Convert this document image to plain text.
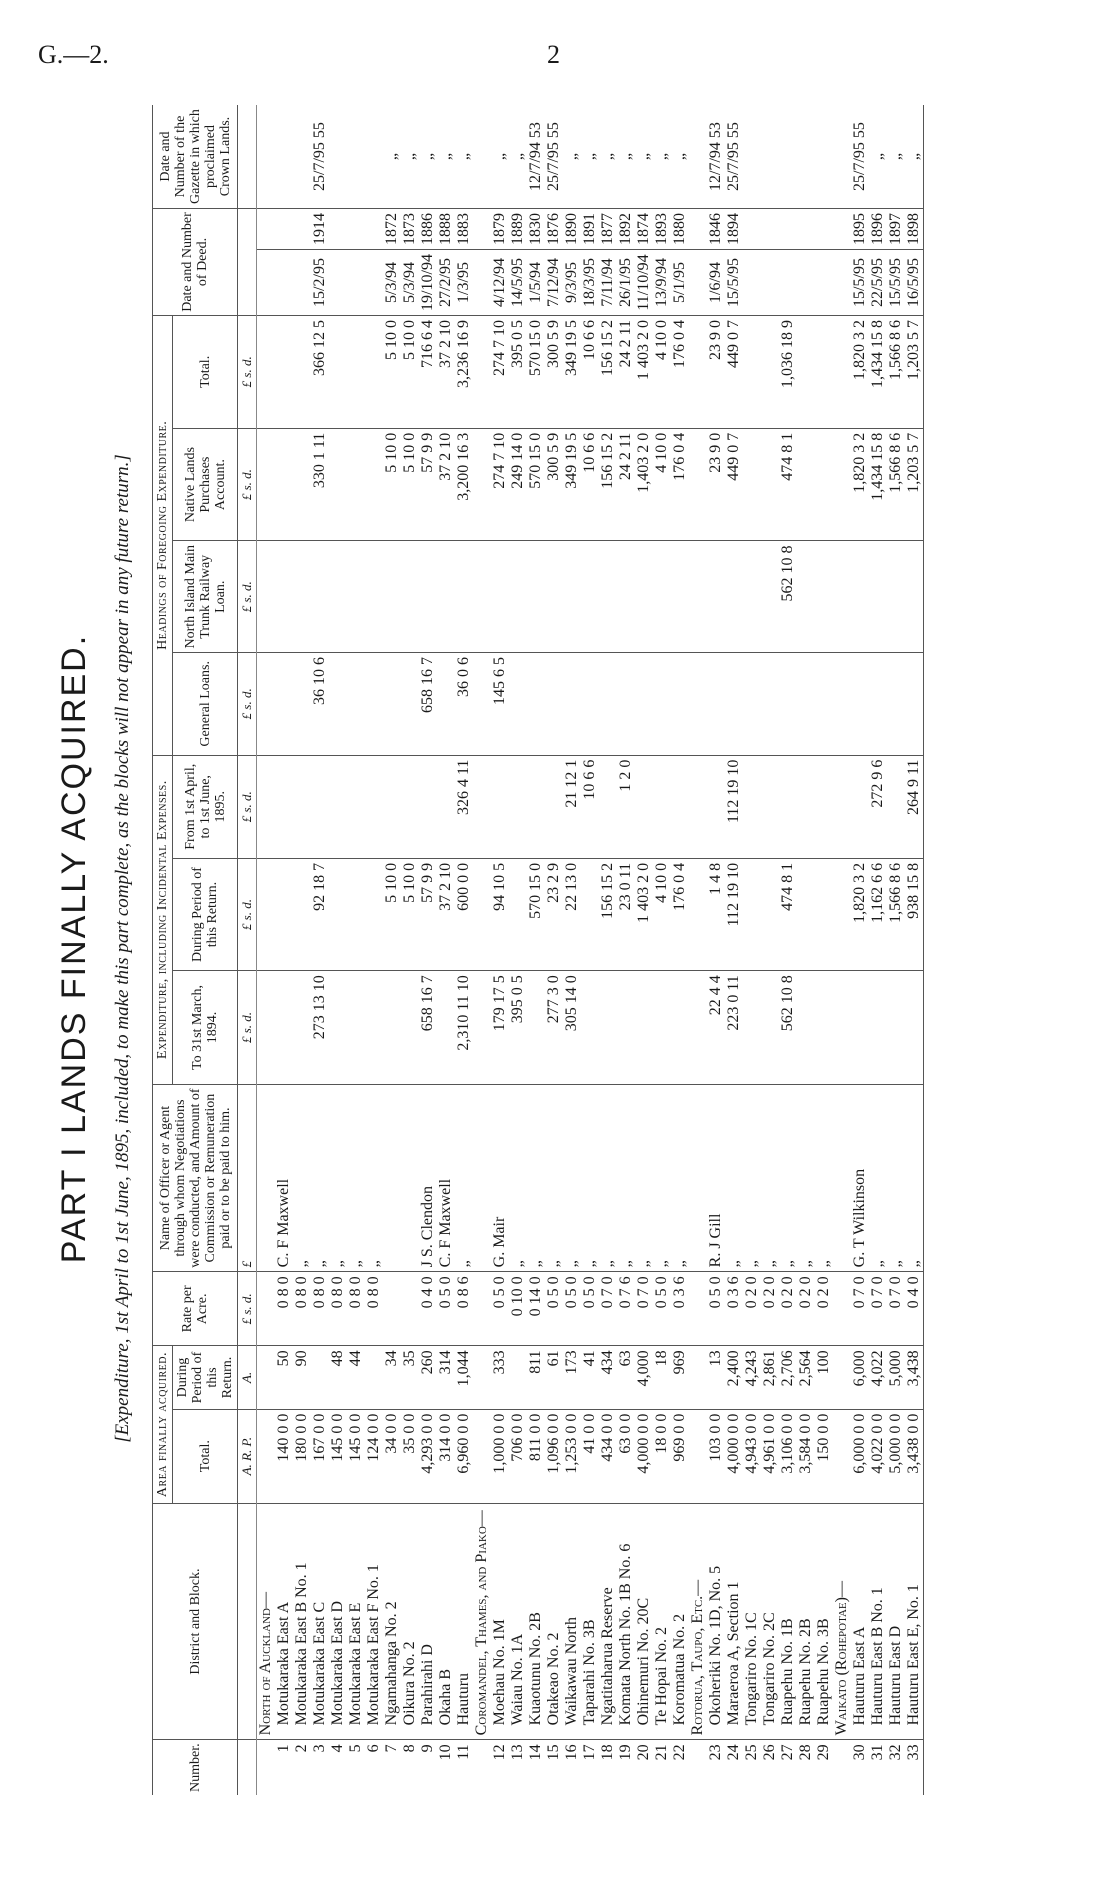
G.—2.	2
PART I LANDS FINALLY ACQUIRED. [Expenditure, 1st April to 1st June, 1895, included, to make this part complete, as the blocks will not appear in any future return.]
Number.	District and Block.	Area finally acquired.		Rate per Acre.	Name of Officer or Agent through whom Negotiations were conducted, and Amount of Commission or Remuneration paid or to be paid to him.	Expenditure, including Incidental Expenses.			Headings of Foregoing Expenditure.				Date and Number of Deed.		Date and Number of the Gazette in which proclaimed Crown Lands.
		Total.	During Period of this Return.			To 31st March, 1894.	During Period of this Return.	From 1st April, to 1st June, 1895.	General Loans.	North Island Main Trunk Railway Loan.	Native Lands Purchases Account.	Total.			
		A. R. P.	A.	£ s. d.	£	£ s. d.	£ s. d.	£ s. d.	£ s. d.	£ s. d.	£ s. d.	£ s. d.			
	North of Auckland—														
1	Motukaraka East A	140 0 0	50	0 8 0	C. F Maxwell										
2	Motukaraka East B No. 1	180 0 0	90	0 8 0	„										
3	Motukaraka East C	167 0 0		0 8 0	„	273 13 10	92 18 7		36 10 6		330 1 11	366 12 5	15/2/95	1914	25/7/95 55
4	Motukaraka East D	145 0 0	48	0 8 0	„										
5	Motukaraka East E	145 0 0	44	0 8 0	„										
6	Motukaraka East F No. 1	124 0 0		0 8 0	„										
7	Ngamahanga No. 2	34 0 0	34				5 10 0				5 10 0	5 10 0	5/3/94	1872	„
8	Oikura No. 2	35 0 0	35				5 10 0				5 10 0	5 10 0	5/3/94	1873	„
9	Parahirahi D	4,293 0 0	260	0 4 0	J S. Clendon	658 16 7	57 9 9		658 16 7		57 9 9	716 6 4	19/10/94	1886	„
10	Okaha B	314 0 0	314	0 5 0	C. F Maxwell		37 2 10				37 2 10	37 2 10	27/2/95	1888	„
11	Hauturu	6,960 0 0	1,044	0 8 6	„	2,310 11 10	600 0 0	326 4 11	36 0 6		3,200 16 3	3,236 16 9	1/3/95	1883	„
	Coromandel, Thames, and Piako—														
12	Moehau No. 1M	1,000 0 0	333	0 5 0	G. Mair	179 17 5	94 10 5		145 6 5		274 7 10	274 7 10	4/12/94	1879	„
13	Waiau No. 1A	706 0 0		0 10 0	„	395 0 5					249 14 0	395 0 5	14/5/95	1889	„
14	Kuaotunu No. 2B	811 0 0	811	0 14 0	„		570 15 0				570 15 0	570 15 0	1/5/94	1830	12/7/94 53
15	Otakeao No. 2	1,096 0 0	61	0 5 0	„	277 3 0	23 2 9				300 5 9	300 5 9	7/12/94	1876	25/7/95 55
16	Waikawau North	1,253 0 0	173	0 5 0	„	305 14 0	22 13 0	21 12 1			349 19 5	349 19 5	9/3/95	1890	„
17	Taparahi No. 3B	41 0 0	41	0 5 0	„			10 6 6			10 6 6	10 6 6	18/3/95	1891	„
18	Ngatitaharua Reserve	434 0 0	434	0 7 0	„		156 15 2				156 15 2	156 15 2	7/11/94	1877	„
19	Komata North No. 1B No. 6	63 0 0	63	0 7 6	„		23 0 11	1 2 0			24 2 11	24 2 11	26/1/95	1892	„
20	Ohinemuri No. 20C	4,000 0 0	4,000	0 7 0	„		1 403 2 0				1,403 2 0	1 403 2 0	11/10/94	1874	„
21	Te Hopai No. 2	18 0 0	18	0 5 0	„		4 10 0				4 10 0	4 10 0	13/9/94	1893	„
22	Koromatua No. 2	969 0 0	969	0 3 6	„		176 0 4				176 0 4	176 0 4	5/1/95	1880	„
	Rotorua, Taupo, Etc.—														
23	Okoheriki No. 1D, No. 5	103 0 0	13	0 5 0	R. J Gill	22 4 4	1 4 8				23 9 0	23 9 0	1/6/94	1846	12/7/94 53
24	Maraeroa A, Section 1	4,000 0 0	2,400	0 3 6	„	223 0 11	112 19 10	112 19 10			449 0 7	449 0 7	15/5/95	1894	25/7/95 55
25	Tongariro No. 1C	4,943 0 0	4,243	0 2 0	„										
26	Tongariro No. 2C	4,961 0 0	2,861	0 2 0	„										
27	Ruapehu No. 1B	3,106 0 0	2,706	0 2 0	„	562 10 8	474 8 1			562 10 8	474 8 1	1,036 18 9			
28	Ruapehu No. 2B	3,584 0 0	2,564	0 2 0	„										
29	Ruapehu No. 3B	150 0 0	100	0 2 0	„										
	Waikato (Rohepotae)—														
30	Hauturu East A	6,000 0 0	6,000	0 7 0	G. T Wilkinson		1,820 3 2				1,820 3 2	1,820 3 2	15/5/95	1895	25/7/95 55
31	Hauturu East B No. 1	4,022 0 0	4,022	0 7 0	„		1,162 6 6	272 9 6			1,434 15 8	1,434 15 8	22/5/95	1896	„
32	Hauturu East D	5,000 0 0	5,000	0 7 0	„		1,566 8 6				1,566 8 6	1,566 8 6	15/5/95	1897	„
33	Hauturu East E, No. 1	3,438 0 0	3,438	0 4 0	„		938 15 8	264 9 11			1,203 5 7	1,203 5 7	16/5/95	1898	„
